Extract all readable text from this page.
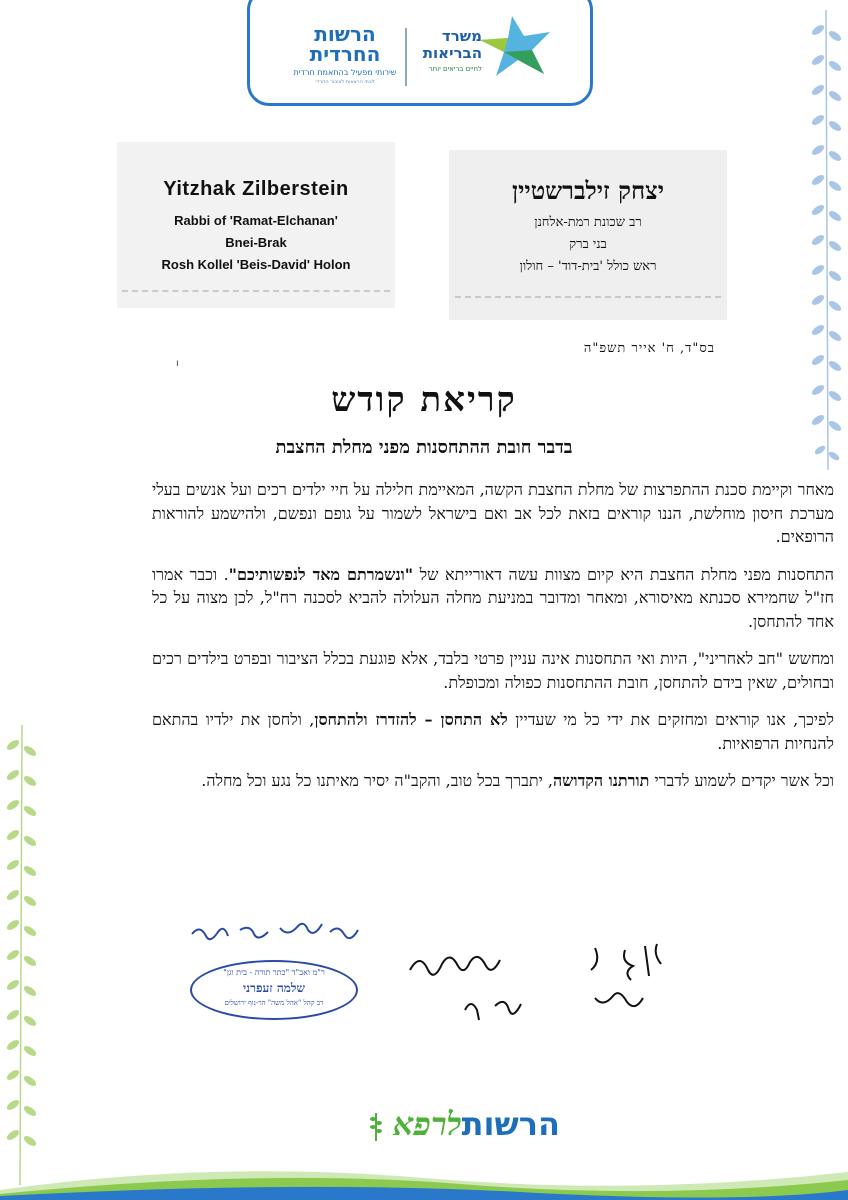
הרשות
החרדית
שירותי מפעיל בהתאמת חרדית
לבתי הרצאות לציבור החרדי
משרד
הבריאות
לחיים בריאים יותר
Yitzhak Zilberstein
Rabbi of 'Ramat-Elchanan'
Bnei-Brak
Rosh Kollel 'Beis-David' Holon
יצחק זילברשטיין
רב שכונת רמת-אלחנן
בני ברק
ראש כולל 'בית-דוד' – חולון
בס"ד, ח' אייר תשפ"ה
ו
קריאת קודש
בדבר חובת ההתחסנות מפני מחלת החצבת

מאחר וקיימת סכנת ההתפרצות של מחלת החצבת הקשה, המאיימת חלילה על חיי ילדים רכים ועל אנשים בעלי מערכת חיסון מוחלשת, הננו קוראים בזאת לכל אב ואם בישראל לשמור על גופם ונפשם, ולהישמע להוראות הרופאים.

התחסנות מפני מחלת החצבת היא קיום מצוות עשה דאורייתא של "ונשמרתם מאד לנפשותיכם". וכבר אמרו חז"ל שחמירא סכנתא מאיסורא, ומאחר ומדובר במניעת מחלה העלולה להביא לסכנה רח"ל, לכן מצוה על כל אחד להתחסן.

ומחשש "חב לאחריני", היות ואי התחסנות אינה עניין פרטי בלבד, אלא פוגעת בכלל הציבור ובפרט בילדים רכים ובחולים, שאין בידם להתחסן, חובת ההתחסנות כפולה ומכופלת.

לפיכך, אנו קוראים ומחזקים את ידי כל מי שעדיין לא התחסן – להזדרז ולהתחסן, ולחסן את ילדיו בהתאם להנחיות הרפואיות.

וכל אשר יקדים לשמוע לדברי תורתנו הקדושה, יתברך בכל טוב, והקב"ה יסיר מאיתנו כל נגע וכל מחלה.

ר"מ ואב"ד "כתר תורה - בית וגן"
שלמה זעפרני
רב קהל "אהל משה" הר-נוף ירושלים
הרשותלרפא
